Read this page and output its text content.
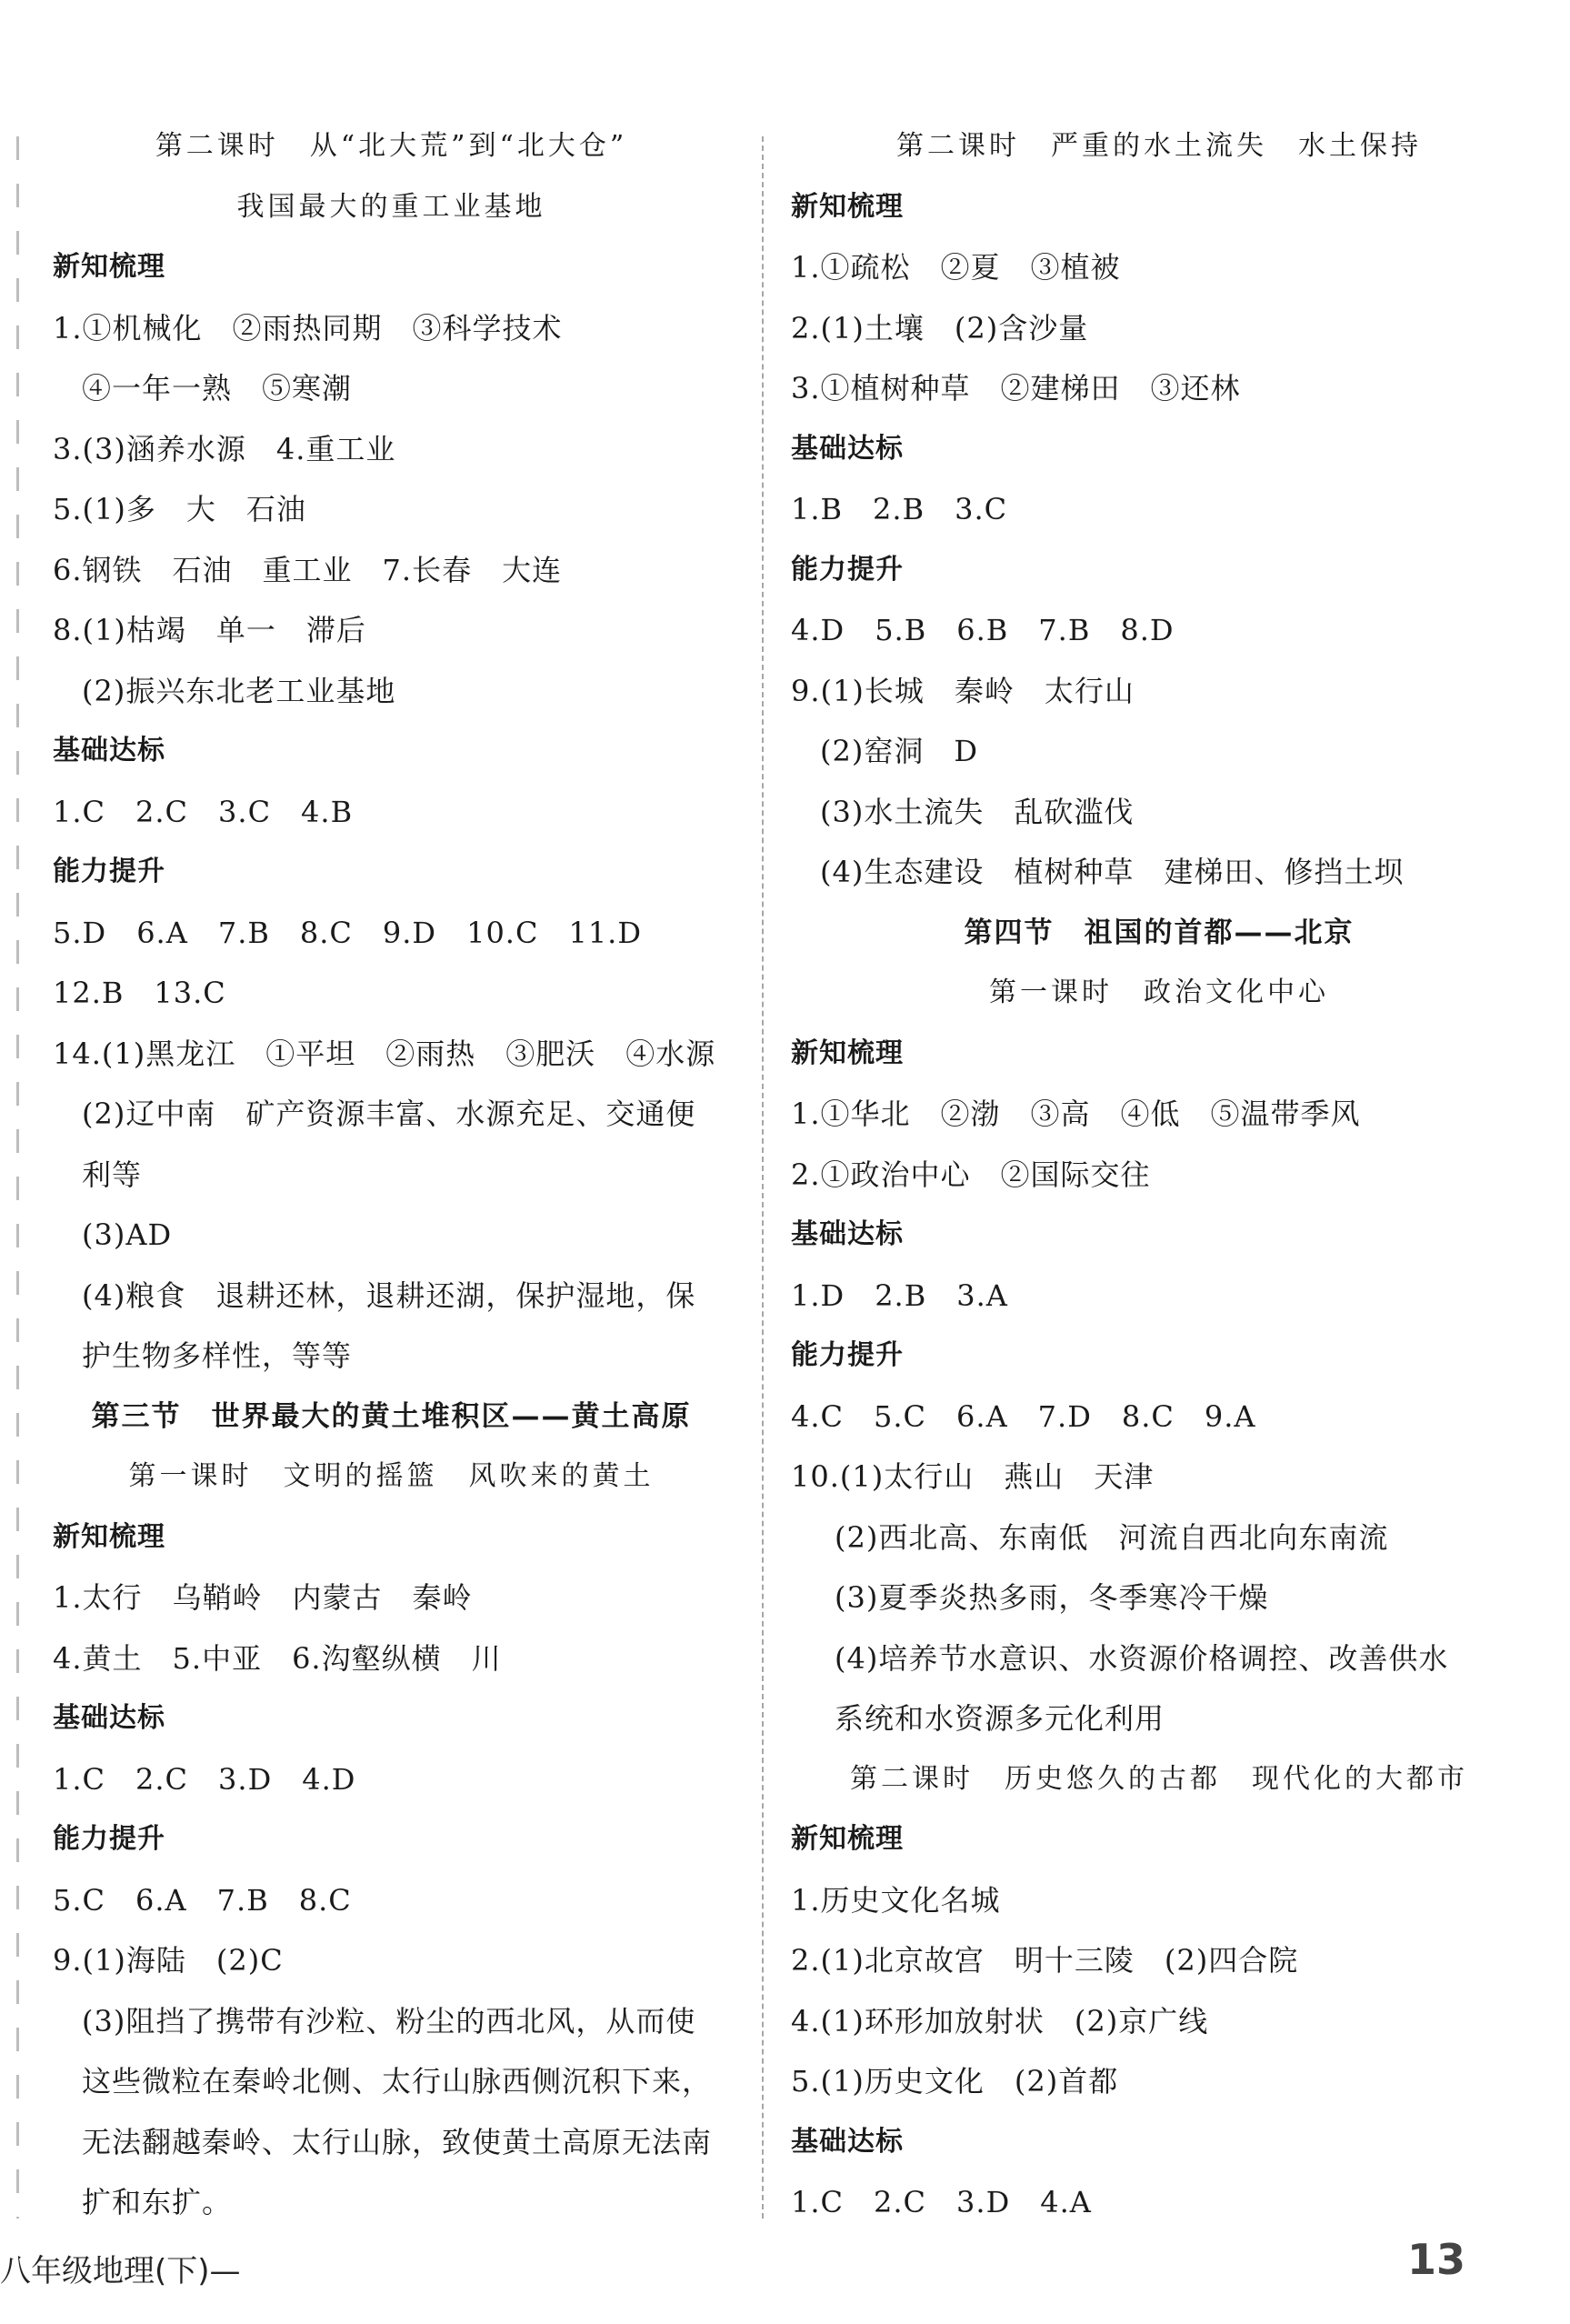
第二课时　从“北大荒”到“北大仓”
我国最大的重工业基地
新知梳理
1.①机械化　②雨热同期　③科学技术
④一年一熟　⑤寒潮
3.(3)涵养水源　4.重工业
5.(1)多　大　石油
6.钢铁　石油　重工业　7.长春　大连
8.(1)枯竭　单一　滞后
(2)振兴东北老工业基地
基础达标
1.C　2.C　3.C　4.B
能力提升
5.D　6.A　7.B　8.C　9.D　10.C　11.D
12.B　13.C
14.(1)黑龙江　①平坦　②雨热　③肥沃　④水源
(2)辽中南　矿产资源丰富、水源充足、交通便
利等
(3)AD
(4)粮食　退耕还林，退耕还湖，保护湿地，保
护生物多样性，等等
第三节　世界最大的黄土堆积区——黄土高原
第一课时　文明的摇篮　风吹来的黄土
新知梳理
1.太行　乌鞘岭　内蒙古　秦岭
4.黄土　5.中亚　6.沟壑纵横　川
基础达标
1.C　2.C　3.D　4.D
能力提升
5.C　6.A　7.B　8.C
9.(1)海陆　(2)C
(3)阻挡了携带有沙粒、粉尘的西北风，从而使
这些微粒在秦岭北侧、太行山脉西侧沉积下来，
无法翻越秦岭、太行山脉，致使黄土高原无法南
扩和东扩。
第二课时　严重的水土流失　水土保持
新知梳理
1.①疏松　②夏　③植被
2.(1)土壤　(2)含沙量
3.①植树种草　②建梯田　③还林
基础达标
1.B　2.B　3.C
能力提升
4.D　5.B　6.B　7.B　8.D
9.(1)长城　秦岭　太行山
(2)窑洞　D
(3)水土流失　乱砍滥伐
(4)生态建设　植树种草　建梯田、修挡土坝
第四节　祖国的首都——北京
第一课时　政治文化中心
新知梳理
1.①华北　②渤　③高　④低　⑤温带季风
2.①政治中心　②国际交往
基础达标
1.D　2.B　3.A
能力提升
4.C　5.C　6.A　7.D　8.C　9.A
10.(1)太行山　燕山　天津
(2)西北高、东南低　河流自西北向东南流
(3)夏季炎热多雨，冬季寒冷干燥
(4)培养节水意识、水资源价格调控、改善供水
系统和水资源多元化利用
第二课时　历史悠久的古都　现代化的大都市
新知梳理
1.历史文化名城
2.(1)北京故宫　明十三陵　(2)四合院
4.(1)环形加放射状　(2)京广线
5.(1)历史文化　(2)首都
基础达标
1.C　2.C　3.D　4.A
八年级地理(下)—	13
